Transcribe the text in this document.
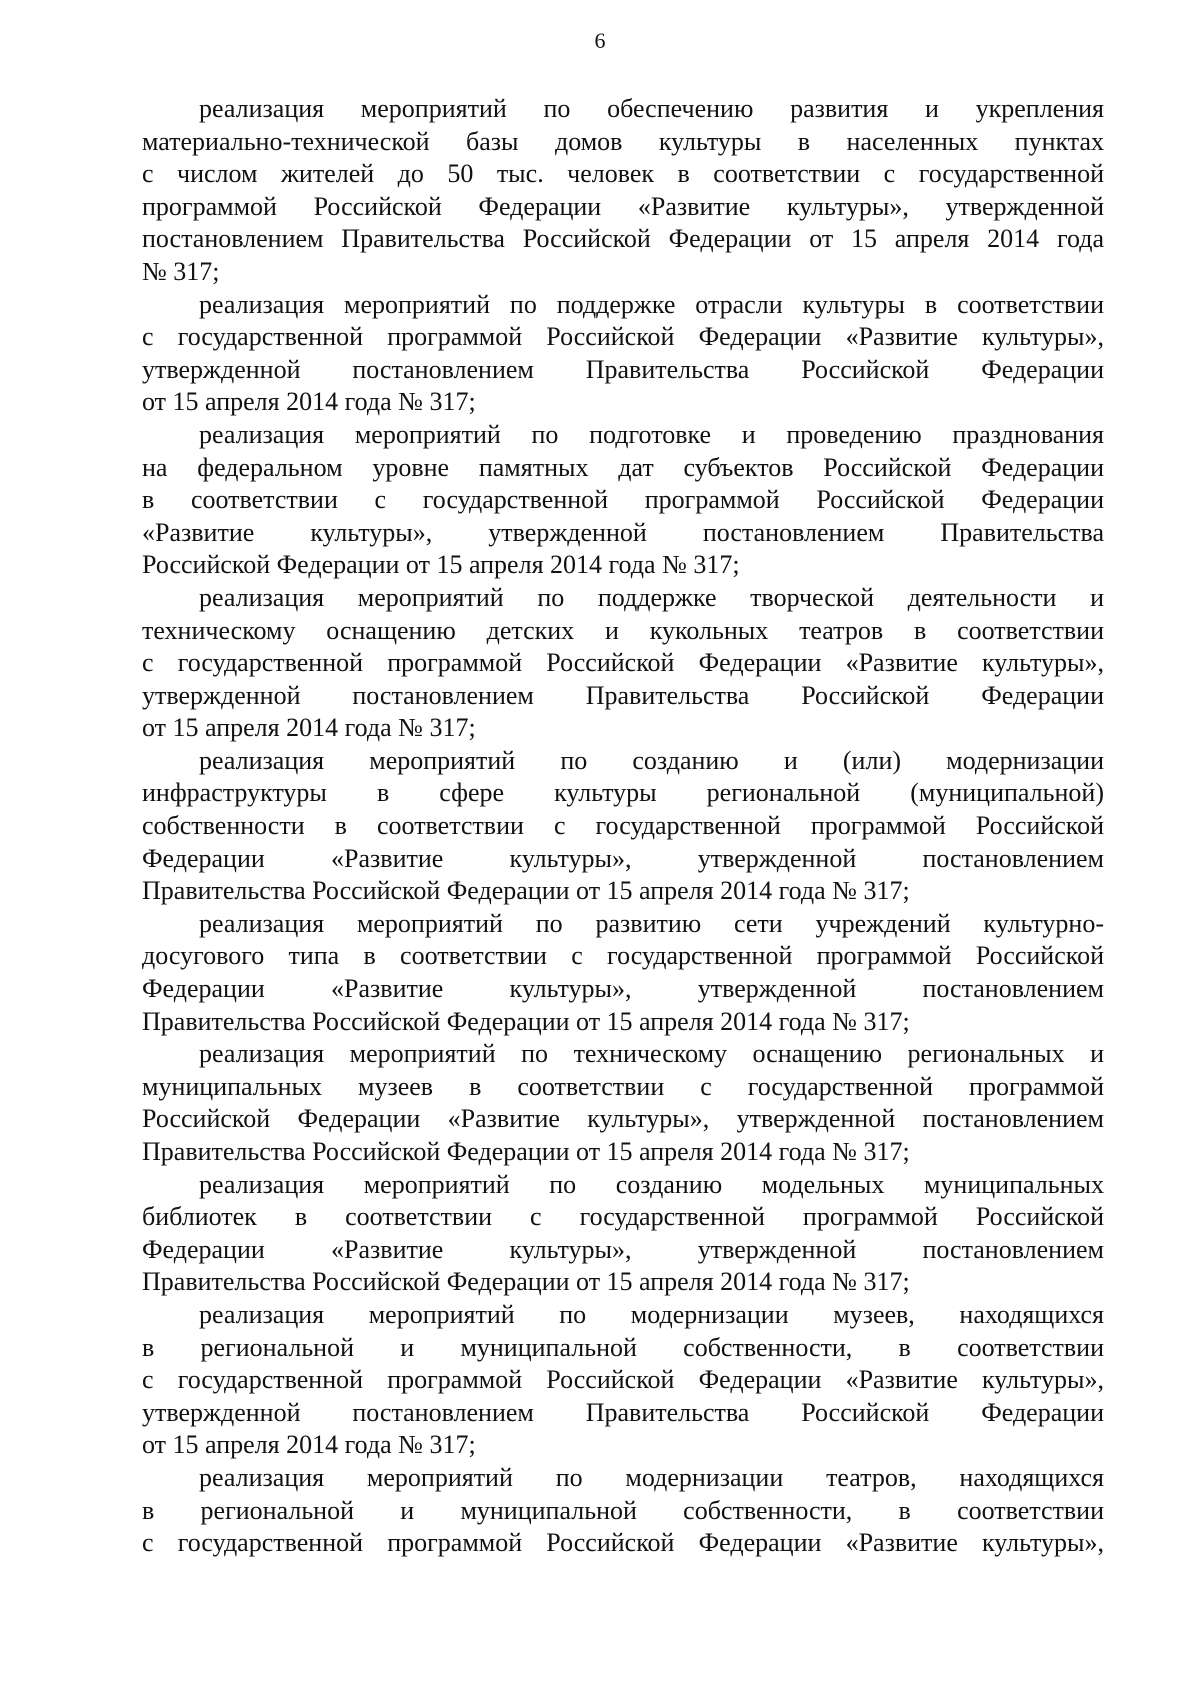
6

реализация мероприятий по обеспечению развития и укрепления
материально-технической базы домов культуры в населенных пунктах
с числом жителей до 50 тыс. человек в соответствии с государственной
программой Российской Федерации «Развитие культуры», утвержденной
постановлением Правительства Российской Федерации от 15 апреля 2014 года
№ 317;

реализация мероприятий по поддержке отрасли культуры в соответствии
с государственной программой Российской Федерации «Развитие культуры»,
утвержденной постановлением Правительства Российской Федерации
от 15 апреля 2014 года № 317;

реализация мероприятий по подготовке и проведению празднования
на федеральном уровне памятных дат субъектов Российской Федерации
в соответствии с государственной программой Российской Федерации
«Развитие культуры», утвержденной постановлением Правительства
Российской Федерации от 15 апреля 2014 года № 317;

реализация мероприятий по поддержке творческой деятельности и
техническому оснащению детских и кукольных театров в соответствии
с государственной программой Российской Федерации «Развитие культуры»,
утвержденной постановлением Правительства Российской Федерации
от 15 апреля 2014 года № 317;

реализация мероприятий по созданию и (или) модернизации
инфраструктуры в сфере культуры региональной (муниципальной)
собственности в соответствии с государственной программой Российской
Федерации «Развитие культуры», утвержденной постановлением
Правительства Российской Федерации от 15 апреля 2014 года № 317;

реализация мероприятий по развитию сети учреждений культурно-
досугового типа в соответствии с государственной программой Российской
Федерации «Развитие культуры», утвержденной постановлением
Правительства Российской Федерации от 15 апреля 2014 года № 317;

реализация мероприятий по техническому оснащению региональных и
муниципальных музеев в соответствии с государственной программой
Российской Федерации «Развитие культуры», утвержденной постановлением
Правительства Российской Федерации от 15 апреля 2014 года № 317;

реализация мероприятий по созданию модельных муниципальных
библиотек в соответствии с государственной программой Российской
Федерации «Развитие культуры», утвержденной постановлением
Правительства Российской Федерации от 15 апреля 2014 года № 317;

реализация мероприятий по модернизации музеев, находящихся
в региональной и муниципальной собственности, в соответствии
с государственной программой Российской Федерации «Развитие культуры»,
утвержденной постановлением Правительства Российской Федерации
от 15 апреля 2014 года № 317;

реализация мероприятий по модернизации театров, находящихся
в региональной и муниципальной собственности, в соответствии
с государственной программой Российской Федерации «Развитие культуры»,
